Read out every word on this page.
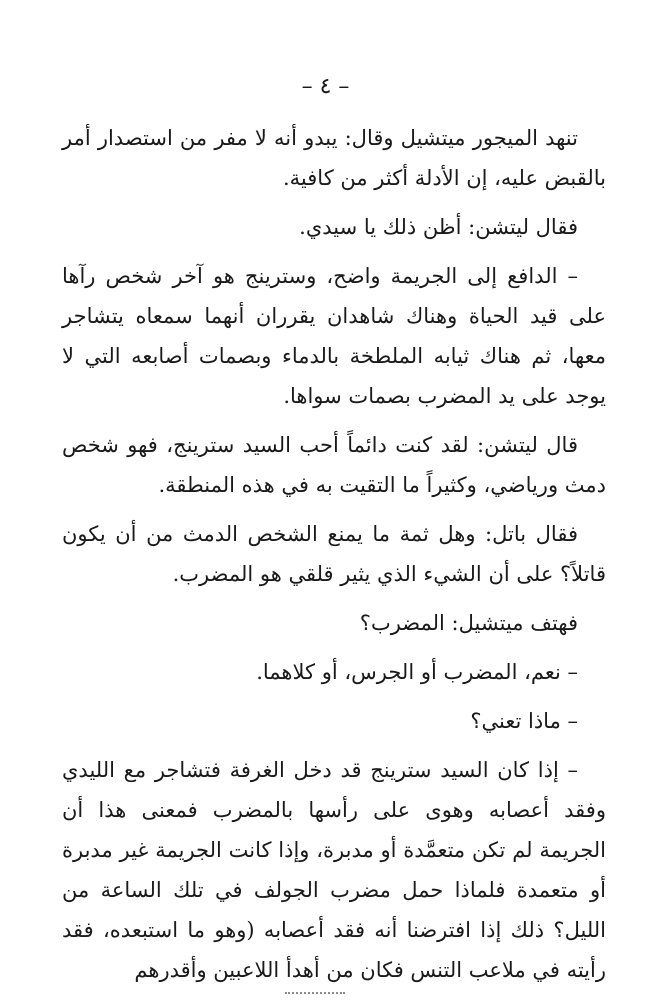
– ٤ –

تنهد الميجور ميتشيل وقال: يبدو أنه لا مفر من استصدار أمر بالقبض عليه، إن الأدلة أكثر من كافية.

فقال ليتشن: أظن ذلك يا سيدي.

– الدافع إلى الجريمة واضح، وسترينج هو آخر شخص رآها على قيد الحياة وهناك شاهدان يقرران أنهما سمعاه يتشاجر معها، ثم هناك ثيابه الملطخة بالدماء وبصمات أصابعه التي لا يوجد على يد المضرب بصمات سواها.

قال ليتشن: لقد كنت دائماً أحب السيد سترينج، فهو شخص دمث ورياضي، وكثيراً ما التقيت به في هذه المنطقة.

فقال باتل: وهل ثمة ما يمنع الشخص الدمث من أن يكون قاتلاً؟ على أن الشيء الذي يثير قلقي هو المضرب.

فهتف ميتشيل: المضرب؟

– نعم، المضرب أو الجرس، أو كلاهما.

– ماذا تعني؟

– إذا كان السيد سترينج قد دخل الغرفة فتشاجر مع الليدي وفقد أعصابه وهوى على رأسها بالمضرب فمعنى هذا أن الجريمة لم تكن متعمَّدة أو مدبرة، وإذا كانت الجريمة غير مدبرة أو متعمدة فلماذا حمل مضرب الجولف في تلك الساعة من الليل؟ ذلك إذا افترضنا أنه فقد أعصابه (وهو ما استبعده، فقد رأيته في ملاعب التنس فكان من أهدأ اللاعبين وأقدرهم
